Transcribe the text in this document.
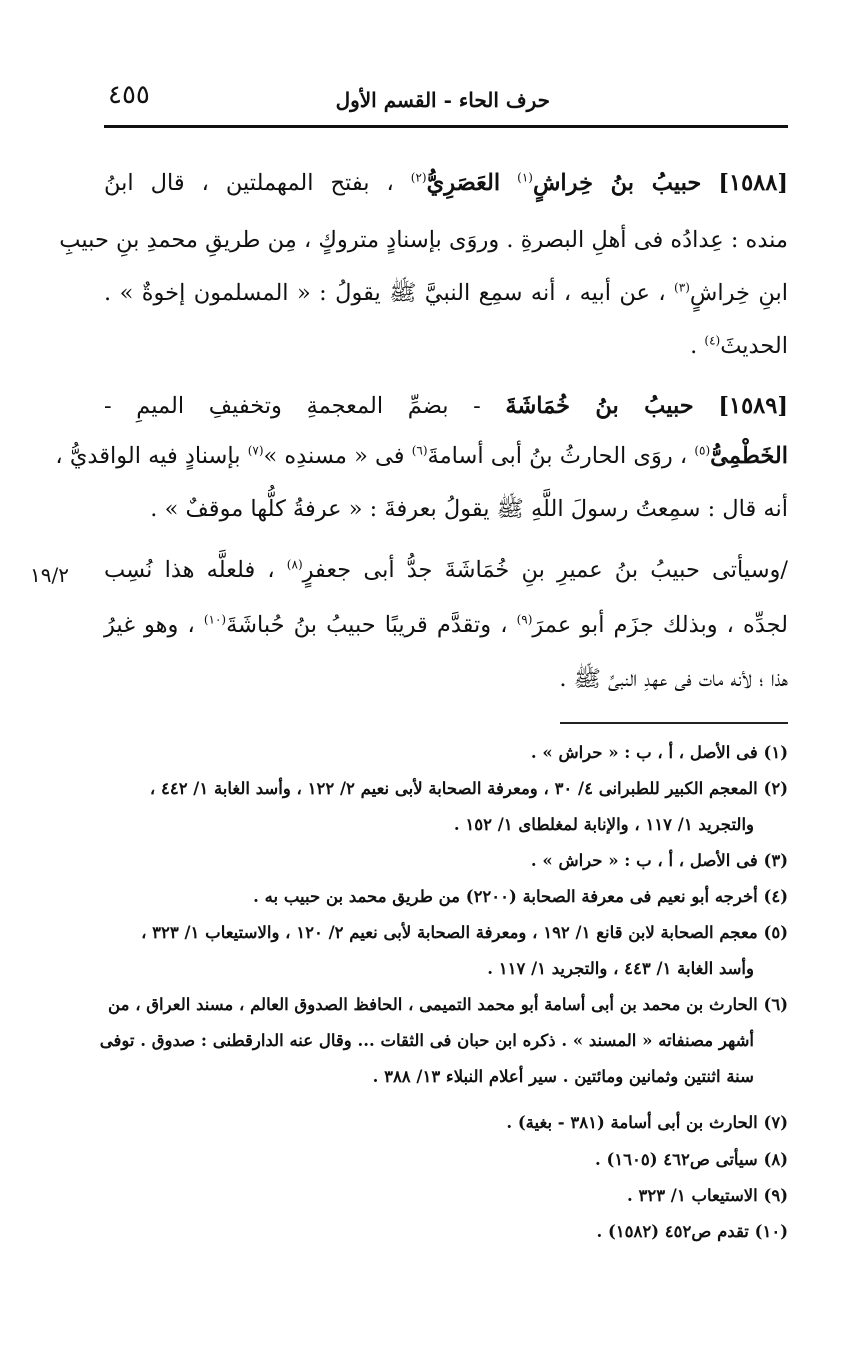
٤٥٥	حرف الحاء - القسم الأول
[١٥٨٨] حبيبُ بنُ خِراشٍ$^{(١)}$ العَصَرِيُّ$^{(٢)}$ ، بفتح المهملتين ، قال ابنُ
منده : عِدادُه فى أهلِ البصرةِ . وروَى بإسنادٍ متروكٍ ، مِن طريقِ محمدِ بنِ حبيبِ
ابنِ خِراشٍ$^{(٣)}$ ، عن أبيه ، أنه سمِع النبيَّ ﷺ يقولُ : « المسلمون إخوةٌ » .
الحديثَ$^{(٤)}$ .
[١٥٨٩] حبيبُ بنُ خُمَاشَةَ - بضمِّ المعجمةِ وتخفيفِ الميمِ -
الخَطْمِىُّ$^{(٥)}$ ، روَى الحارثُ بنُ أبى أسامةَ$^{(٦)}$ فى « مسندِه »$^{(٧)}$ بإسنادٍ فيه الواقديُّ ،
أنه قال : سمِعتُ رسولَ اللَّهِ ﷺ يقولُ بعرفةَ : « عرفةُ كلُّها موقفٌ » .
١٩/٢	/وسيأتى حبيبُ بنُ عميرِ بنِ خُمَاشَةَ جدُّ أبى جعفرٍ$^{(٨)}$ ، فلعلَّه هذا نُسِب
لجدِّه ، وبذلك جزَم أبو عمرَ$^{(٩)}$ ، وتقدَّم قريبًا حبيبُ بنُ حُباشَةَ$^{(١٠)}$ ، وهو غيرُ
هذا ؛ لأنه مات فى عهدِ النبىِّ ﷺ .
(١) فى الأصل ، أ ، ب : « حراش » .
(٢) المعجم الكبير للطبرانى ٤/ ٣٠ ، ومعرفة الصحابة لأبى نعيم ٢/ ١٢٢ ، وأسد الغابة ١/ ٤٤٢ ،
والتجريد ١/ ١١٧ ، والإنابة لمغلطاى ١/ ١٥٢ .
(٣) فى الأصل ، أ ، ب : « حراش » .
(٤) أخرجه أبو نعيم فى معرفة الصحابة (٢٢٠٠) من طريق محمد بن حبيب به .
(٥) معجم الصحابة لابن قانع ١/ ١٩٢ ، ومعرفة الصحابة لأبى نعيم ٢/ ١٢٠ ، والاستيعاب ١/ ٣٢٣ ،
وأسد الغابة ١/ ٤٤٣ ، والتجريد ١/ ١١٧ .
(٦) الحارث بن محمد بن أبى أسامة أبو محمد التميمى ، الحافظ الصدوق العالم ، مسند العراق ، من
أشهر مصنفاته « المسند » . ذكره ابن حبان فى الثقات ... وقال عنه الدارقطنى : صدوق . توفى
سنة اثنتين وثمانين ومائتين . سير أعلام النبلاء ١٣/ ٣٨٨ .
(٧) الحارث بن أبى أسامة (٣٨١ - بغية) .
(٨) سيأتى ص٤٦٢ (١٦٠٥) .
(٩) الاستيعاب ١/ ٣٢٣ .
(١٠) تقدم ص٤٥٢ (١٥٨٢) .
